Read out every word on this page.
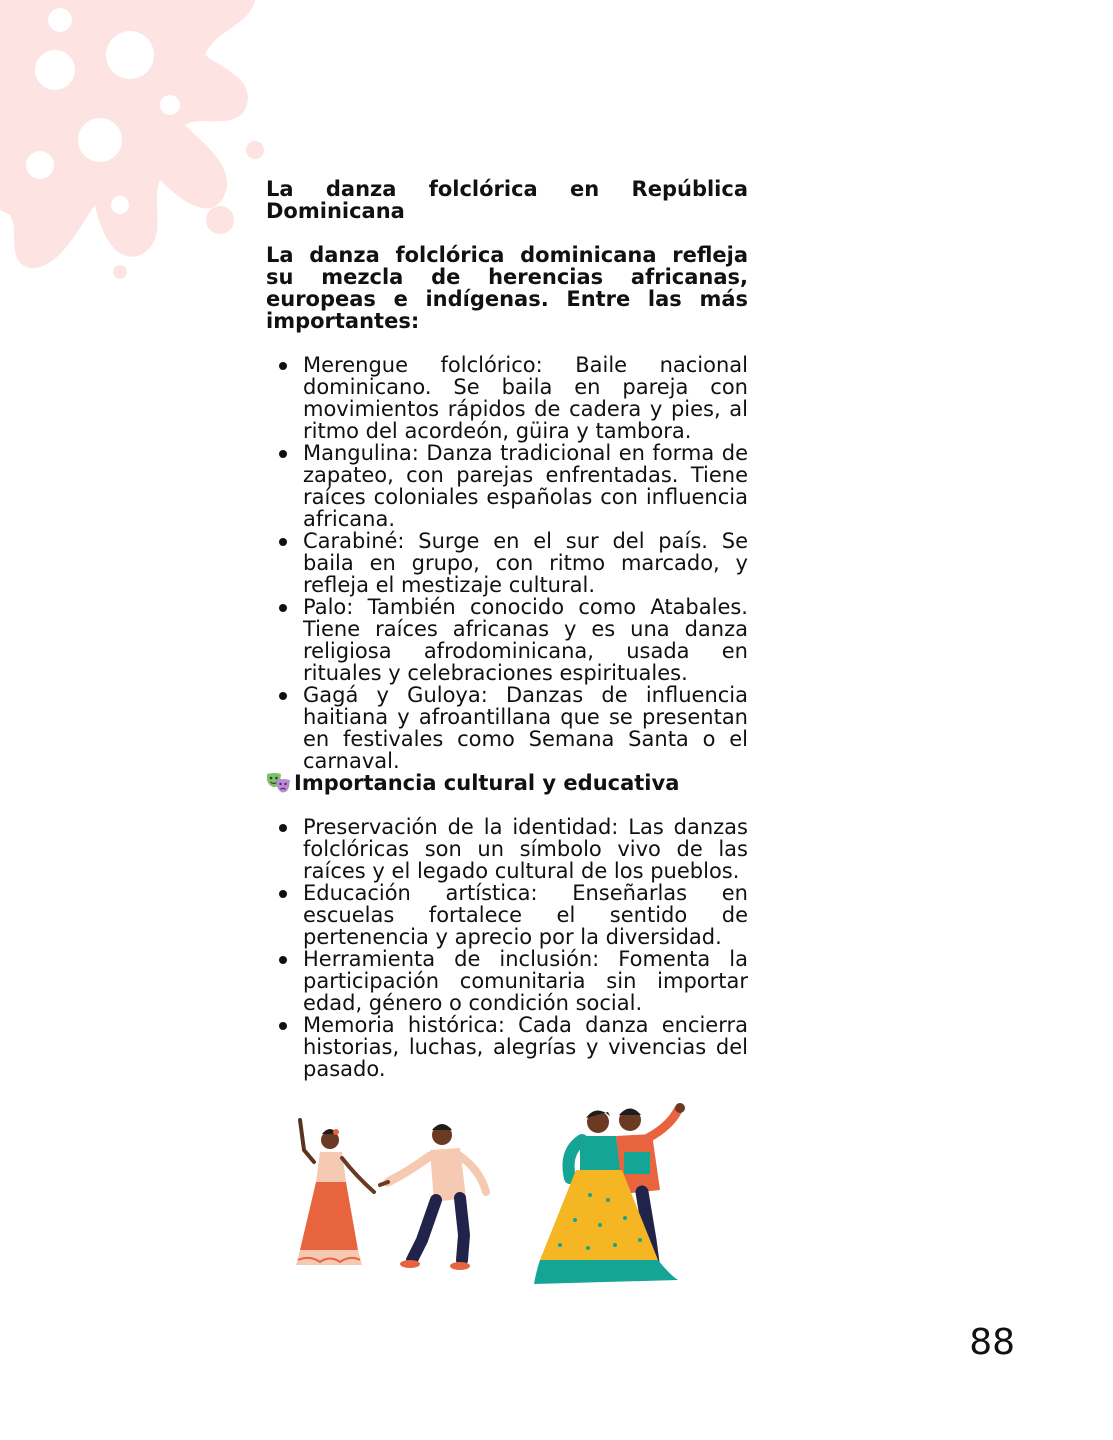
La danza folclórica en República
Dominicana

La danza folclórica dominicana refleja su mezcla de herencias africanas, europeas e indígenas. Entre las más importantes:

Merengue folclórico: Baile nacional dominicano. Se baila en pareja con movimientos rápidos de cadera y pies, al ritmo del acordeón, güira y tambora.
Mangulina: Danza tradicional en forma de zapateo, con parejas enfrentadas. Tiene raíces coloniales españolas con influencia africana.
Carabiné: Surge en el sur del país. Se baila en grupo, con ritmo marcado, y refleja el mestizaje cultural.
Palo: También conocido como Atabales. Tiene raíces africanas y es una danza religiosa afrodominicana, usada en rituales y celebraciones espirituales.
Gagá y Guloya: Danzas de influencia haitiana y afroantillana que se presentan en festivales como Semana Santa o el carnaval.
Importancia cultural y educativa
Preservación de la identidad: Las danzas folclóricas son un símbolo vivo de las raíces y el legado cultural de los pueblos.
Educación artística: Enseñarlas en escuelas fortalece el sentido de pertenencia y aprecio por la diversidad.
Herramienta de inclusión: Fomenta la participación comunitaria sin importar edad, género o condición social.
Memoria histórica: Cada danza encierra historias, luchas, alegrías y vivencias del pasado.
88
